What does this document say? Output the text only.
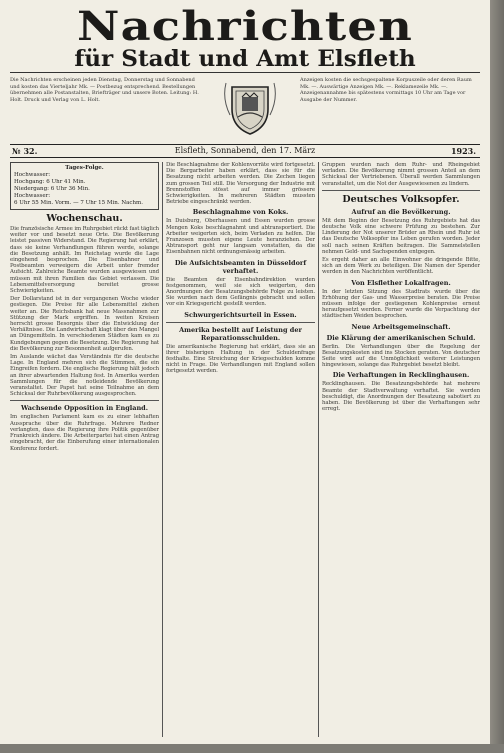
Nachrichten
für Stadt und Amt Elsfleth
Die Nachrichten erscheinen jeden Dienstag, Donnerstag und Sonnabend und kosten das Vierteljahr Mk. — Postbezug entsprechend. Bestellungen übernehmen alle Postanstalten, Briefträger und unsere Boten. Leitung: H. Holt. Druck und Verlag von L. Holt.
Anzeigen kosten die sechsgespaltene Korpuszeile oder deren Raum Mk. —. Auswärtige Anzeigen Mk. —. Reklamezeile Mk. —. Anzeigenannahme bis spätestens vormittags 10 Uhr am Tage vor Ausgabe der Nummer.
№ 32.	Elsfleth, Sonnabend, den 17. März	1923.
Tages-Folge.
Hochwasser:
Hochgang: 6 Uhr 41 Min.
Niedergang: 6 Uhr 36 Min.
Hochwasser:
6 Uhr 55 Min. Vorm. — 7 Uhr 15 Min. Nachm.
Wochenschau.

Die französische Armee im Ruhrgebiet rückt fast täglich weiter vor und besetzt neue Orte. Die Bevölkerung leistet passiven Widerstand. Die Regierung hat erklärt, dass sie keine Verhandlungen führen werde, solange die Besetzung anhält. Im Reichstag wurde die Lage eingehend besprochen. Die Eisenbahner und Postbeamten verweigern die Arbeit unter fremder Aufsicht. Zahlreiche Beamte wurden ausgewiesen und müssen mit ihren Familien das Gebiet verlassen. Die Lebensmittelversorgung bereitet grosse Schwierigkeiten.

Der Dollarstand ist in der vergangenen Woche wieder gestiegen. Die Preise für alle Lebensmittel ziehen weiter an. Die Reichsbank hat neue Massnahmen zur Stützung der Mark ergriffen. In weiten Kreisen herrscht grosse Besorgnis über die Entwicklung der Verhältnisse. Die Landwirtschaft klagt über den Mangel an Düngemitteln. In verschiedenen Städten kam es zu Kundgebungen gegen die Besetzung. Die Regierung hat die Bevölkerung zur Besonnenheit aufgerufen.

Im Auslande wächst das Verständnis für die deutsche Lage. In England mehren sich die Stimmen, die ein Eingreifen fordern. Die englische Regierung hält jedoch an ihrer abwartenden Haltung fest. In Amerika werden Sammlungen für die notleidende Bevölkerung veranstaltet. Der Papst hat seine Teilnahme an dem Schicksal der Ruhrbevölkerung ausgesprochen.

Wachsende Opposition in England.

Im englischen Parlament kam es zu einer lebhaften Aussprache über die Ruhrfrage. Mehrere Redner verlangten, dass die Regierung ihre Politik gegenüber Frankreich ändere. Die Arbeiterpartei hat einen Antrag eingebracht, der die Einberufung einer internationalen Konferenz fordert.

Die Beschlagnahme der Kohlenvorräte wird fortgesetzt. Die Bergarbeiter haben erklärt, dass sie für die Besatzung nicht arbeiten werden. Die Zechen liegen zum grossen Teil still. Die Versorgung der Industrie mit Brennstoffen stösst auf immer grössere Schwierigkeiten. In mehreren Städten mussten Betriebe eingeschränkt werden.

Beschlagnahme von Koks.

In Duisburg, Oberhausen und Essen wurden grosse Mengen Koks beschlagnahmt und abtransportiert. Die Arbeiter weigerten sich, beim Verladen zu helfen. Die Franzosen mussten eigene Leute heranziehen. Der Abtransport geht nur langsam vonstatten, da die Eisenbahnen nicht ordnungsmässig arbeiten.

Die Aufsichtsbeamten in Düsseldorf verhaftet.

Die Beamten der Eisenbahndirektion wurden festgenommen, weil sie sich weigerten, den Anordnungen der Besatzungsbehörde Folge zu leisten. Sie wurden nach dem Gefängnis gebracht und sollen vor ein Kriegsgericht gestellt werden.

Schwurgerichtsurteil in Essen.
Amerika bestellt auf Leistung der Reparationsschulden.

Die amerikanische Regierung hat erklärt, dass sie an ihrer bisherigen Haltung in der Schuldenfrage festhalte. Eine Streichung der Kriegsschulden komme nicht in Frage. Die Verhandlungen mit England sollen fortgesetzt werden.

Gruppen wurden nach dem Ruhr- und Rheingebiet verladen. Die Bevölkerung nimmt grossen Anteil an dem Schicksal der Vertriebenen. Überall werden Sammlungen veranstaltet, um die Not der Ausgewiesenen zu lindern.

Deutsches Volksopfer.
Aufruf an die Bevölkerung.

Mit dem Beginn der Besetzung des Ruhrgebiets hat das deutsche Volk eine schwere Prüfung zu bestehen. Zur Linderung der Not unserer Brüder an Rhein und Ruhr ist das Deutsche Volksopfer ins Leben gerufen worden. Jeder soll nach seinen Kräften beitragen. Die Sammelstellen nehmen Geld- und Sachspenden entgegen.

Es ergeht daher an alle Einwohner die dringende Bitte, sich an dem Werk zu beteiligen. Die Namen der Spender werden in den Nachrichten veröffentlicht.

Von Elsflether Lokalfragen.

In der letzten Sitzung des Stadtrats wurde über die Erhöhung der Gas- und Wasserpreise beraten. Die Preise müssen infolge der gestiegenen Kohlenpreise erneut heraufgesetzt werden. Ferner wurde die Verpachtung der städtischen Weiden besprochen.

Neue Arbeitsgemeinschaft.
Die Klärung der amerikanischen Schuld.

Berlin. Die Verhandlungen über die Regelung der Besatzungskosten sind ins Stocken geraten. Von deutscher Seite wird auf die Unmöglichkeit weiterer Leistungen hingewiesen, solange das Ruhrgebiet besetzt bleibt.

Die Verhaftungen in Recklinghausen.

Recklinghausen. Die Besatzungsbehörde hat mehrere Beamte der Stadtverwaltung verhaftet. Sie werden beschuldigt, die Anordnungen der Besatzung sabotiert zu haben. Die Bevölkerung ist über die Verhaftungen sehr erregt.
